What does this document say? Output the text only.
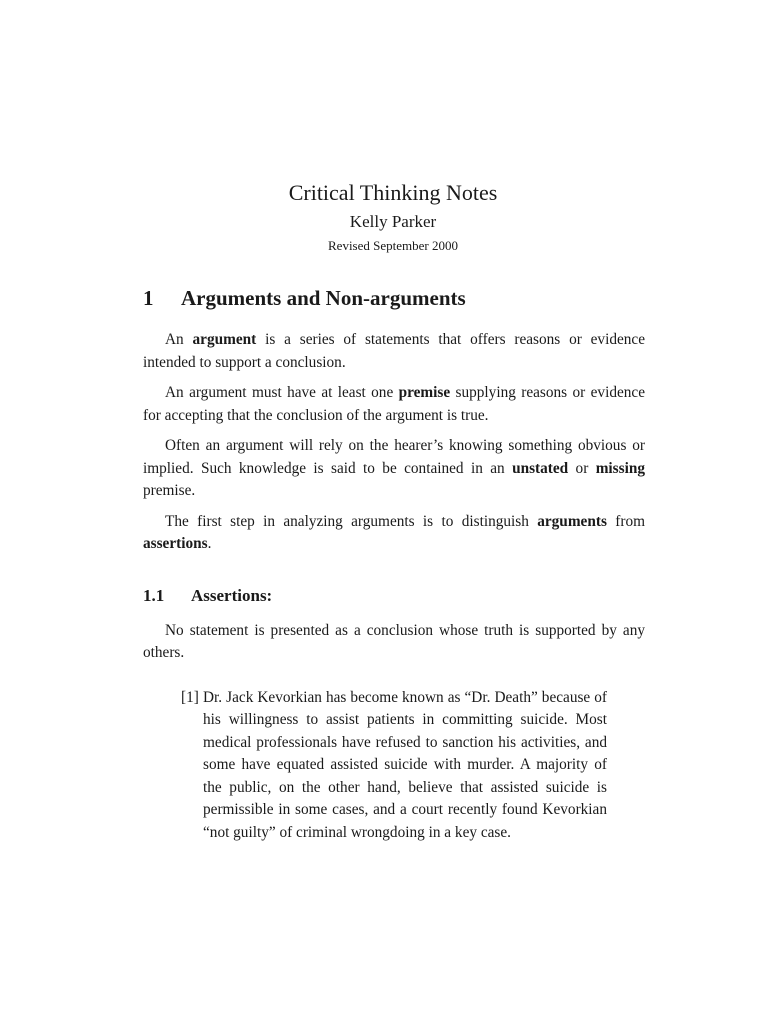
Critical Thinking Notes
Kelly Parker
Revised September 2000
1	Arguments and Non-arguments

An argument is a series of statements that offers reasons or evidence intended to support a conclusion.

An argument must have at least one premise supplying reasons or evidence for accepting that the conclusion of the argument is true.

Often an argument will rely on the hearer’s knowing something obvious or implied. Such knowledge is said to be contained in an unstated or missing premise.

The first step in analyzing arguments is to distinguish arguments from assertions.

1.1	Assertions:

No statement is presented as a conclusion whose truth is supported by any others.

[1] Dr. Jack Kevorkian has become known as “Dr. Death” because of his willingness to assist patients in committing suicide. Most medical professionals have refused to sanction his activities, and some have equated assisted suicide with murder. A majority of the public, on the other hand, believe that assisted suicide is permissible in some cases, and a court recently found Kevorkian “not guilty” of criminal wrongdoing in a key case.
